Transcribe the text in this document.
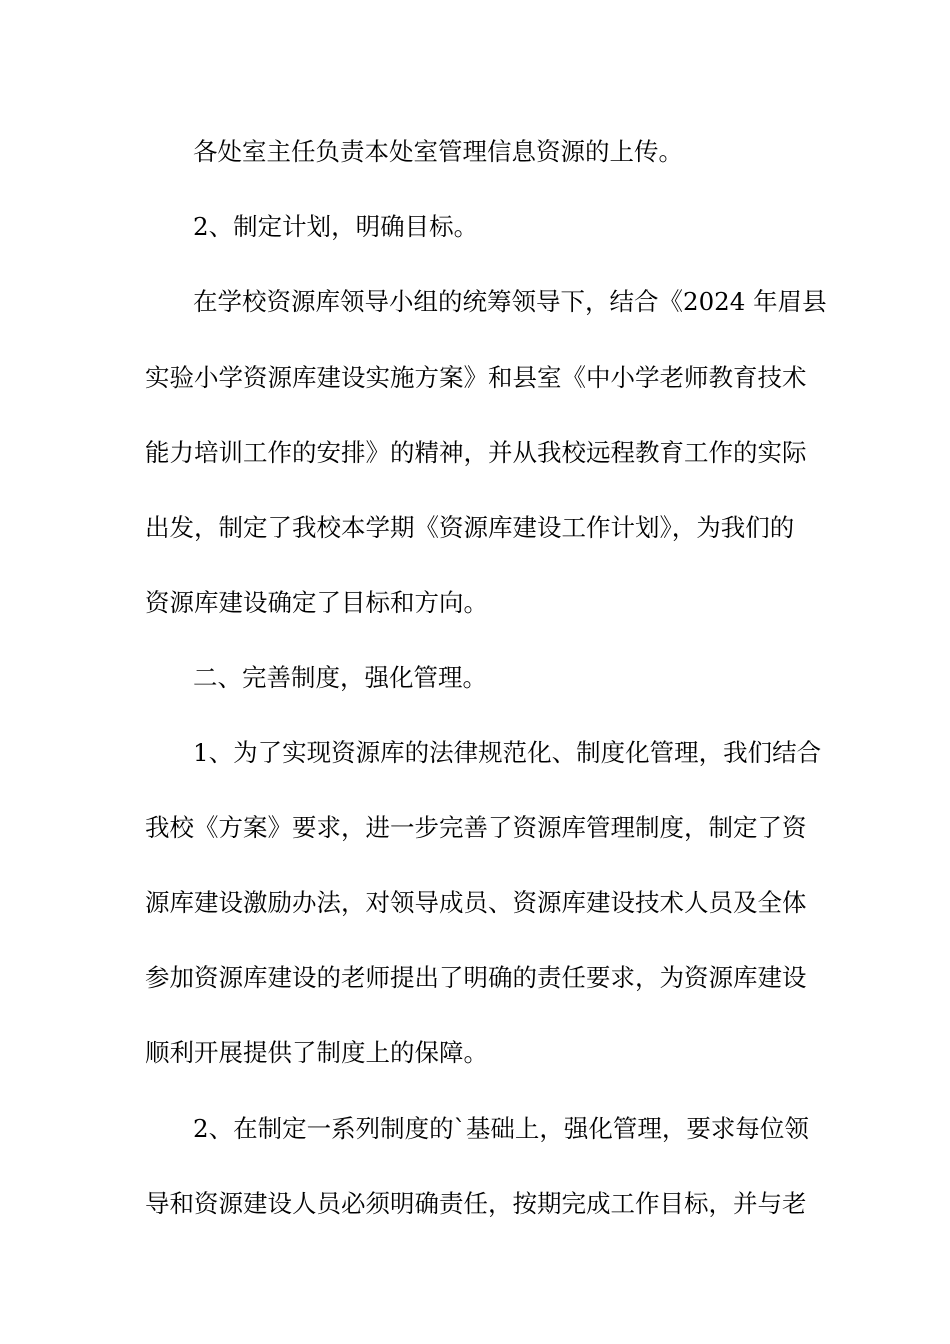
各处室主任负责本处室管理信息资源的上传。

2、制定计划，明确目标。

在学校资源库领导小组的统筹领导下，结合《2024 年眉县

实验小学资源库建设实施方案》和县室《中小学老师教育技术

能力培训工作的安排》的精神，并从我校远程教育工作的实际

出发，制定了我校本学期《资源库建设工作计划》，为我们的

资源库建设确定了目标和方向。

二、完善制度，强化管理。

1、为了实现资源库的法律规范化、制度化管理，我们结合

我校《方案》要求，进一步完善了资源库管理制度，制定了资

源库建设激励办法，对领导成员、资源库建设技术人员及全体

参加资源库建设的老师提出了明确的责任要求，为资源库建设

顺利开展提供了制度上的保障。

2、在制定一系列制度的`基础上，强化管理，要求每位领

导和资源建设人员必须明确责任，按期完成工作目标，并与老
